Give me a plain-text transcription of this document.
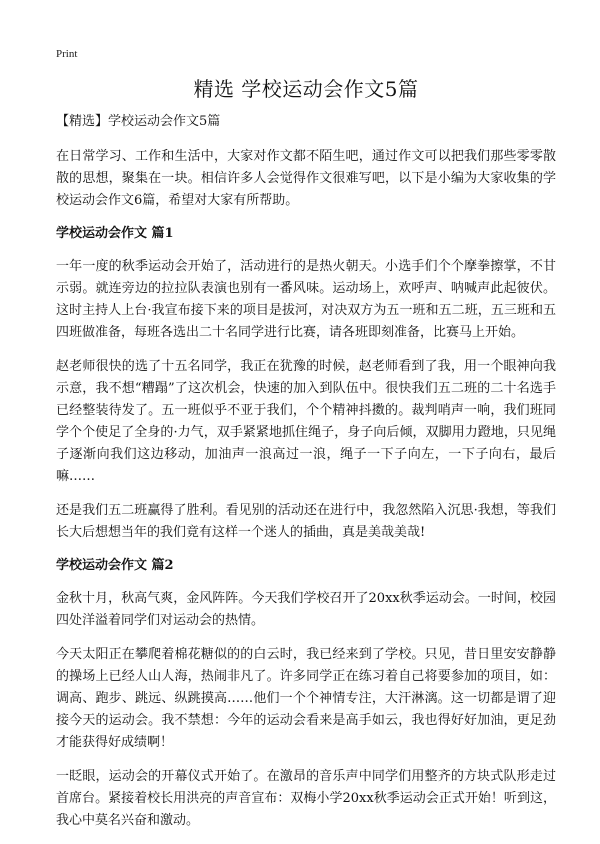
Print
精选 学校运动会作文5篇
【精选】学校运动会作文5篇

在日常学习、工作和生活中，大家对作文都不陌生吧，通过作文可以把我们那些零零散散的思想，聚集在一块。相信许多人会觉得作文很难写吧，以下是小编为大家收集的学校运动会作文6篇，希望对大家有所帮助。

学校运动会作文 篇1

一年一度的秋季运动会开始了，活动进行的是热火朝天。小选手们个个摩拳擦掌，不甘示弱。就连旁边的拉拉队表演也别有一番风味。运动场上，欢呼声、呐喊声此起彼伏。这时主持人上台·我宣布接下来的项目是拔河，对决双方为五一班和五二班，五三班和五四班做准备，每班各选出二十名同学进行比赛，请各班即刻准备，比赛马上开始。

赵老师很快的选了十五名同学，我正在犹豫的时候，赵老师看到了我，用一个眼神向我示意，我不想“糟蹋”了这次机会，快速的加入到队伍中。很快我们五二班的二十名选手已经整装待发了。五一班似乎不亚于我们，个个精神抖擞的。裁判哨声一响，我们班同学个个使足了全身的·力气，双手紧紧地抓住绳子，身子向后倾，双脚用力蹬地，只见绳子逐渐向我们这边移动，加油声一浪高过一浪，绳子一下子向左，一下子向右，最后嘛……

还是我们五二班赢得了胜利。看见别的活动还在进行中，我忽然陷入沉思·我想，等我们长大后想想当年的我们竟有这样一个迷人的插曲，真是美哉美哉!

学校运动会作文 篇2

金秋十月，秋高气爽，金风阵阵。今天我们学校召开了20xx秋季运动会。一时间，校园四处洋溢着同学们对运动会的热情。

今天太阳正在攀爬着棉花糖似的的白云时，我已经来到了学校。只见，昔日里安安静静的操场上已经人山人海，热闹非凡了。许多同学正在练习着自己将要参加的项目，如：调高、跑步、跳远、纵跳摸高……他们一个个神情专注，大汗淋漓。这一切都是谓了迎接今天的运动会。我不禁想：今年的运动会看来是高手如云，我也得好好加油，更足劲才能获得好成绩啊！

一眨眼，运动会的开幕仪式开始了。在激昂的音乐声中同学们用整齐的方块式队形走过首席台。紧接着校长用洪亮的声音宣布：双梅小学20xx秋季运动会正式开始！听到这，我心中莫名兴奋和激动。
